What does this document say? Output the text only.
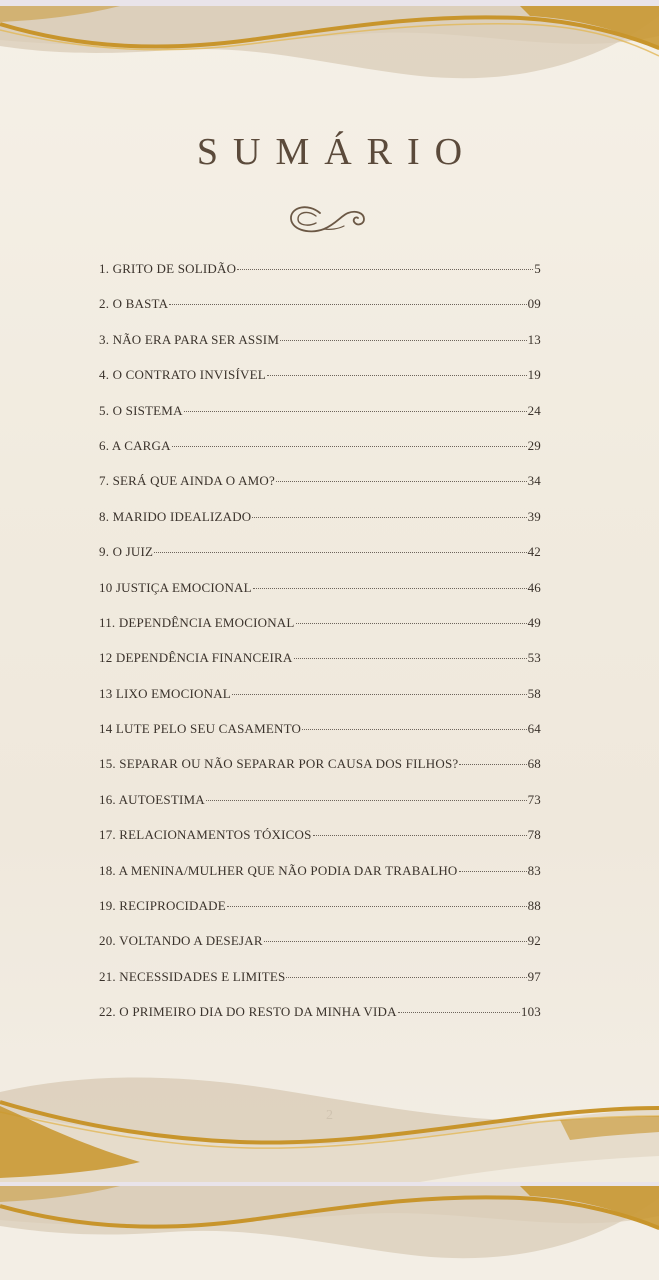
SUMÁRIO
1. GRITO DE SOLIDÃO	5
2. O BASTA	09
3. NÃO ERA PARA SER ASSIM	13
4. O CONTRATO INVISÍVEL	19
5. O SISTEMA	24
6. A CARGA	29
7. SERÁ QUE AINDA O AMO?	34
8. MARIDO IDEALIZADO	39
9. O JUIZ	42
10 JUSTIÇA EMOCIONAL	46
11. DEPENDÊNCIA EMOCIONAL	49
12 DEPENDÊNCIA FINANCEIRA	53
13 LIXO EMOCIONAL	58
14 LUTE PELO SEU CASAMENTO	64
15. SEPARAR OU NÃO SEPARAR POR CAUSA DOS FILHOS?	68
16. AUTOESTIMA	73
17. RELACIONAMENTOS TÓXICOS	78
18. A MENINA/MULHER QUE NÃO PODIA DAR TRABALHO	83
19. RECIPROCIDADE	88
20. VOLTANDO A DESEJAR	92
21. NECESSIDADES E LIMITES	97
22. O PRIMEIRO DIA DO RESTO DA MINHA VIDA	103
